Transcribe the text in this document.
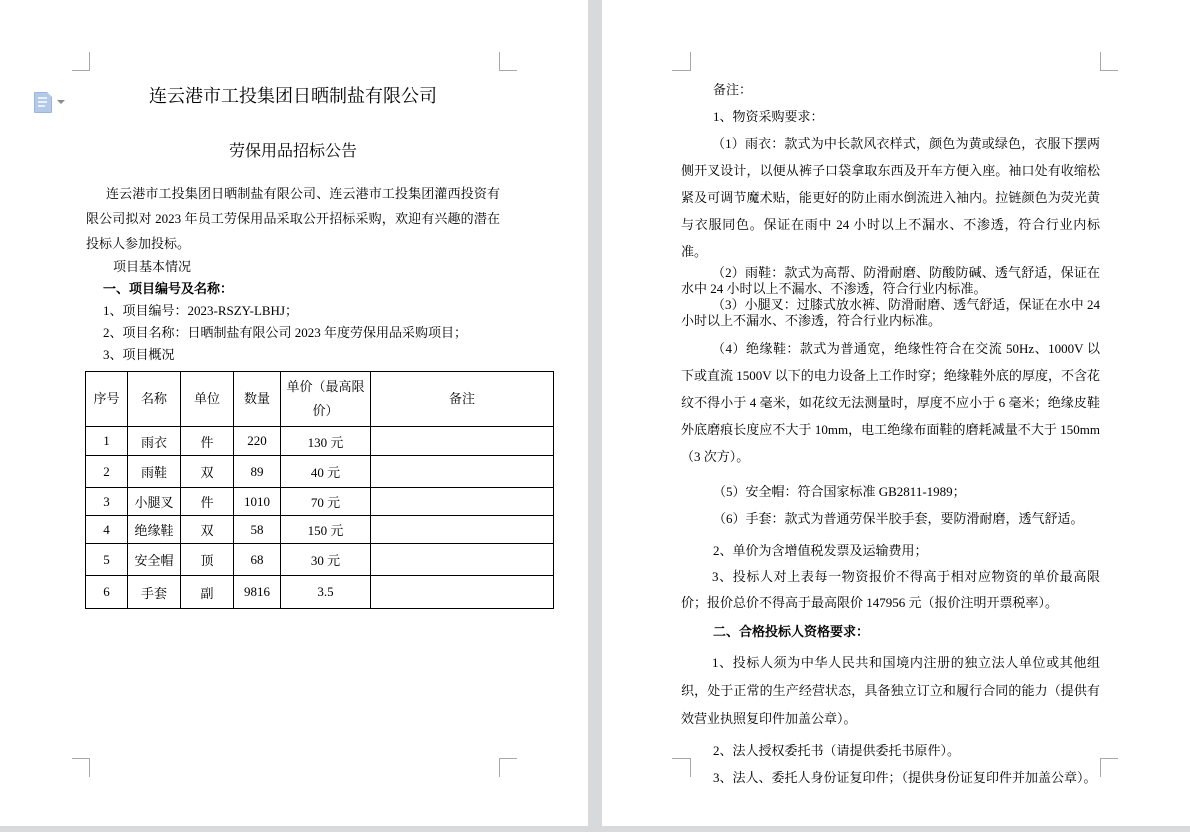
连云港市工投集团日晒制盐有限公司
劳保用品招标公告

连云港市工投集团日晒制盐有限公司、连云港市工投集团灌西投资有限公司拟对 2023 年员工劳保用品采取公开招标采购，欢迎有兴趣的潜在投标人参加投标。

项目基本情况
一、项目编号及名称：
1、项目编号：2023-RSZY-LBHJ；
2、项目名称：日晒制盐有限公司 2023 年度劳保用品采购项目；
3、项目概况
序号	名称	单位	数量	单价（最高限价）	备注
1	雨衣	件	220	130 元	
2	雨鞋	双	89	40 元	
3	小腿叉	件	1010	70 元	
4	绝缘鞋	双	58	150 元	
5	安全帽	顶	68	30 元	
6	手套	副	9816	3.5	
备注：
1、物资采购要求：

（1）雨衣：款式为中长款风衣样式，颜色为黄或绿色，衣服下摆两侧开叉设计，以便从裤子口袋拿取东西及开车方便入座。袖口处有收缩松紧及可调节魔术贴，能更好的防止雨水倒流进入袖内。拉链颜色为荧光黄与衣服同色。保证在雨中 24 小时以上不漏水、不渗透，符合行业内标准。

（2）雨鞋：款式为高帮、防滑耐磨、防酸防碱、透气舒适，保证在水中 24 小时以上不漏水、不渗透，符合行业内标准。

（3）小腿叉：过膝式放水裤、防滑耐磨、透气舒适，保证在水中 24 小时以上不漏水、不渗透，符合行业内标准。

（4）绝缘鞋：款式为普通宽，绝缘性符合在交流 50Hz、1000V 以下或直流 1500V 以下的电力设备上工作时穿；绝缘鞋外底的厚度，不含花纹不得小于 4 毫米，如花纹无法测量时，厚度不应小于 6 毫米；绝缘皮鞋外底磨痕长度应不大于 10mm，电工绝缘布面鞋的磨耗减量不大于 150mm（3 次方）。

（5）安全帽：符合国家标准 GB2811-1989；
（6）手套：款式为普通劳保半胶手套，要防滑耐磨，透气舒适。
2、单价为含增值税发票及运输费用；

3、投标人对上表每一物资报价不得高于相对应物资的单价最高限价；报价总价不得高于最高限价 147956 元（报价注明开票税率）。

二、合格投标人资格要求：

1、投标人须为中华人民共和国境内注册的独立法人单位或其他组织，处于正常的生产经营状态，具备独立订立和履行合同的能力（提供有效营业执照复印件加盖公章）。

2、法人授权委托书（请提供委托书原件）。
3、法人、委托人身份证复印件；（提供身份证复印件并加盖公章）。
